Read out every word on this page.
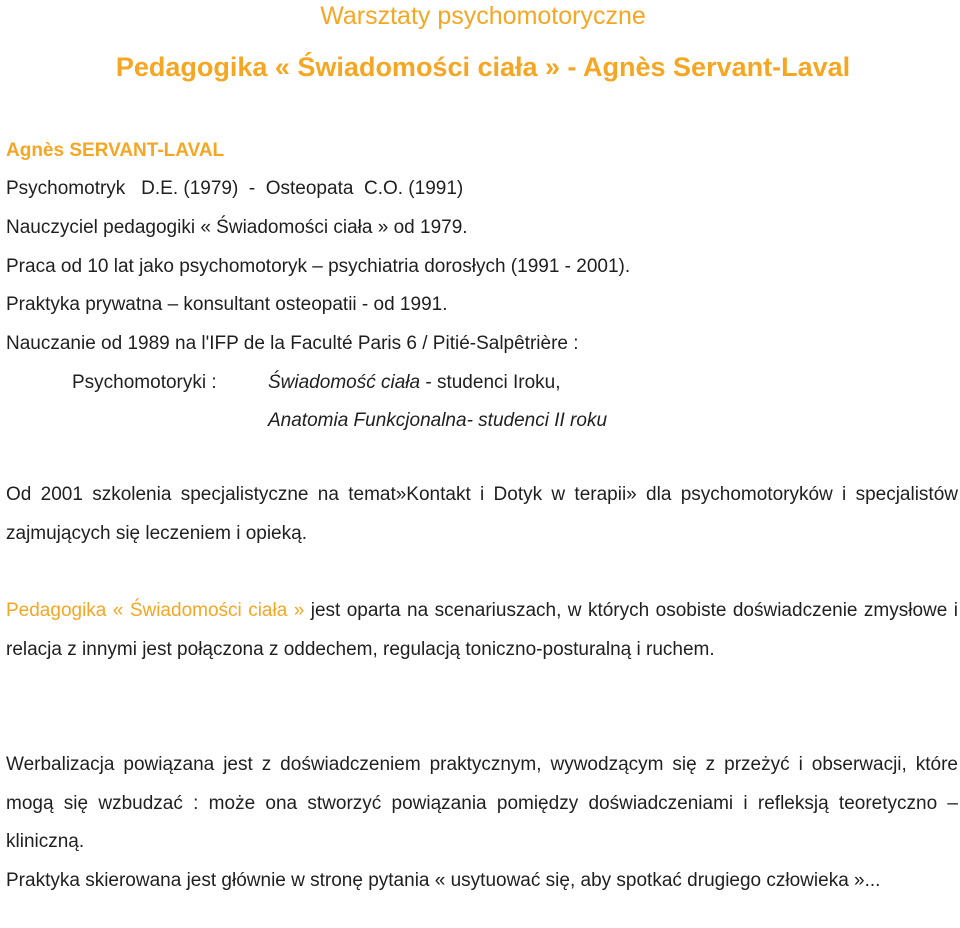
Warsztaty psychomotoryczne
Pedagogika « Świadomości ciała » - Agnès Servant-Laval
Agnès SERVANT-LAVAL
Psychomotryk   D.E. (1979)  -  Osteopata  C.O. (1991)
Nauczyciel pedagogiki « Świadomości ciała » od 1979.
Praca od 10 lat jako psychomotoryk – psychiatria dorosłych (1991 - 2001).
Praktyka prywatna – konsultant osteopatii - od 1991.
Nauczanie od 1989 na l'IFP de la Faculté Paris 6 / Pitié-Salpêtrière :
Psychomotoryki :	Świadomość ciała - studenci Iroku,
Anatomia Funkcjonalna- studenci II roku
Od 2001 szkolenia specjalistyczne na temat»Kontakt i Dotyk w terapii» dla psychomotoryków i specjalistów zajmujących się leczeniem i opieką.
Pedagogika « Świadomości ciała » jest oparta na scenariuszach, w których osobiste doświadczenie zmysłowe i relacja z innymi jest połączona z oddechem, regulacją toniczno-posturalną i ruchem.
Werbalizacja powiązana jest z doświadczeniem praktycznym, wywodzącym się z przeżyć i obserwacji, które mogą się wzbudzać : może ona stworzyć powiązania pomiędzy doświadczeniami i refleksją teoretyczno – kliniczną.
Praktyka skierowana jest głównie w stronę pytania « usytuować się, aby spotkać drugiego człowieka »...
